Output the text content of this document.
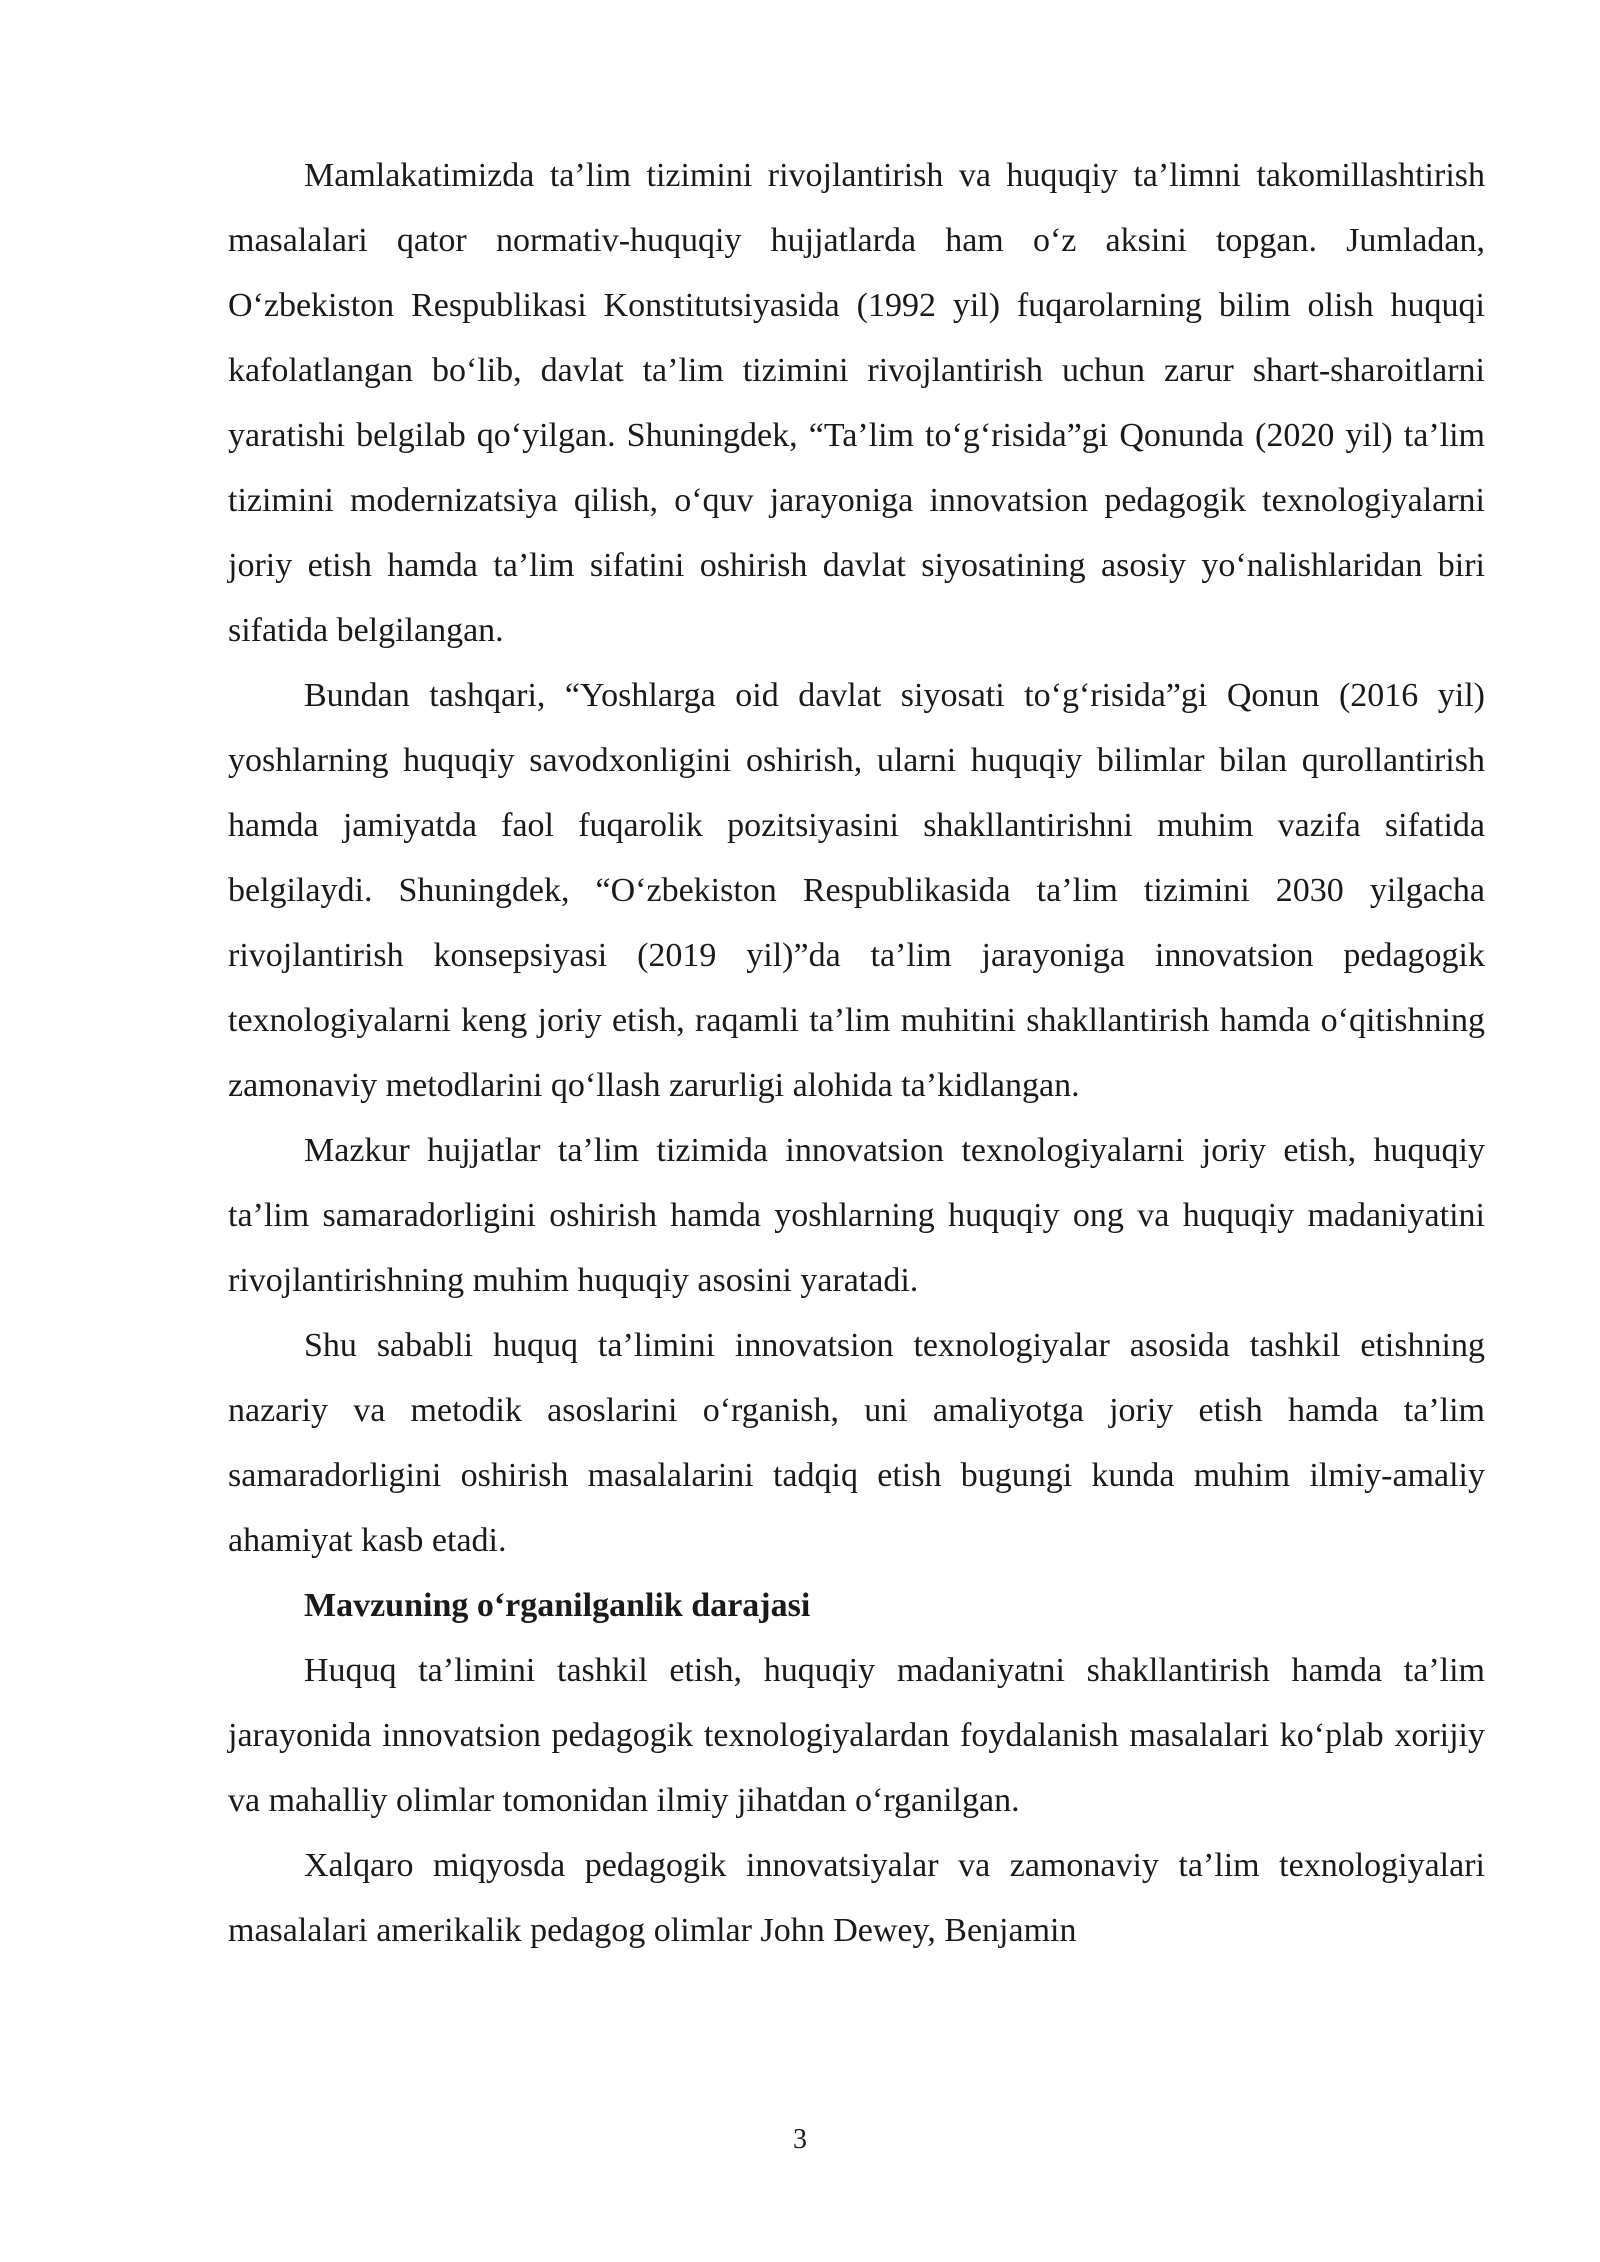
Mamlakatimizda ta’lim tizimini rivojlantirish va huquqiy ta’limni takomillashtirish masalalari qator normativ-huquqiy hujjatlarda ham o‘z aksini topgan. Jumladan, O‘zbekiston Respublikasi Konstitutsiyasida (1992 yil) fuqarolarning bilim olish huquqi kafolatlangan bo‘lib, davlat ta’lim tizimini rivojlantirish uchun zarur shart-sharoitlarni yaratishi belgilab qo‘yilgan. Shuningdek, “Ta’lim to‘g‘risida”gi Qonunda (2020 yil) ta’lim tizimini modernizatsiya qilish, o‘quv jarayoniga innovatsion pedagogik texnologiyalarni joriy etish hamda ta’lim sifatini oshirish davlat siyosatining asosiy yo‘nalishlaridan biri sifatida belgilangan.

Bundan tashqari, “Yoshlarga oid davlat siyosati to‘g‘risida”gi Qonun (2016 yil) yoshlarning huquqiy savodxonligini oshirish, ularni huquqiy bilimlar bilan qurollantirish hamda jamiyatda faol fuqarolik pozitsiyasini shakllantirishni muhim vazifa sifatida belgilaydi. Shuningdek, “O‘zbekiston Respublikasida ta’lim tizimini 2030 yilgacha rivojlantirish konsepsiyasi (2019 yil)”da ta’lim jarayoniga innovatsion pedagogik texnologiyalarni keng joriy etish, raqamli ta’lim muhitini shakllantirish hamda o‘qitishning zamonaviy metodlarini qo‘llash zarurligi alohida ta’kidlangan.

Mazkur hujjatlar ta’lim tizimida innovatsion texnologiyalarni joriy etish, huquqiy ta’lim samaradorligini oshirish hamda yoshlarning huquqiy ong va huquqiy madaniyatini rivojlantirishning muhim huquqiy asosini yaratadi.

Shu sababli huquq ta’limini innovatsion texnologiyalar asosida tashkil etishning nazariy va metodik asoslarini o‘rganish, uni amaliyotga joriy etish hamda ta’lim samaradorligini oshirish masalalarini tadqiq etish bugungi kunda muhim ilmiy-amaliy ahamiyat kasb etadi.

Mavzuning o‘rganilganlik darajasi

Huquq ta’limini tashkil etish, huquqiy madaniyatni shakllantirish hamda ta’lim jarayonida innovatsion pedagogik texnologiyalardan foydalanish masalalari ko‘plab xorijiy va mahalliy olimlar tomonidan ilmiy jihatdan o‘rganilgan.

Xalqaro miqyosda pedagogik innovatsiyalar va zamonaviy ta’lim texnologiyalari masalalari amerikalik pedagog olimlar John Dewey, Benjamin

3
